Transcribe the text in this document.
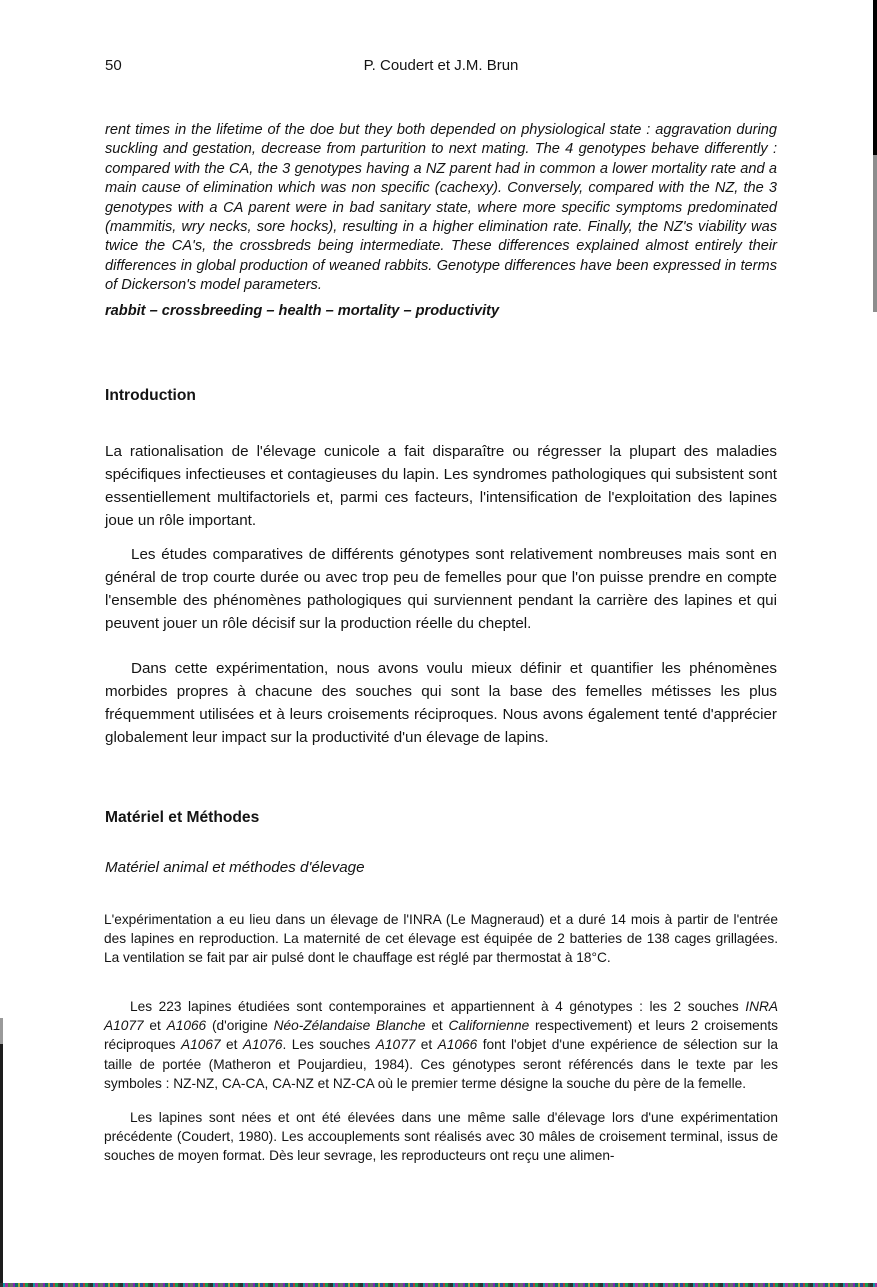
50	P. Coudert et J.M. Brun
rent times in the lifetime of the doe but they both depended on physiological state : aggravation during suckling and gestation, decrease from parturition to next mating. The 4 genotypes behave differently : compared with the CA, the 3 genotypes having a NZ parent had in common a lower mortality rate and a main cause of elimination which was non specific (cachexy). Conversely, compared with the NZ, the 3 genotypes with a CA parent were in bad sanitary state, where more specific symptoms predominated (mammitis, wry necks, sore hocks), resulting in a higher elimination rate. Finally, the NZ's viability was twice the CA's, the crossbreds being intermediate. These differences explained almost entirely their differences in global production of weaned rabbits. Genotype differences have been expressed in terms of Dickerson's model parameters.
rabbit – crossbreeding – health – mortality – productivity
Introduction
La rationalisation de l'élevage cunicole a fait disparaître ou régresser la plupart des maladies spécifiques infectieuses et contagieuses du lapin. Les syndromes pathologiques qui subsistent sont essentiellement multifactoriels et, parmi ces facteurs, l'intensification de l'exploitation des lapines joue un rôle important.
Les études comparatives de différents génotypes sont relativement nombreuses mais sont en général de trop courte durée ou avec trop peu de femelles pour que l'on puisse prendre en compte l'ensemble des phénomènes pathologiques qui surviennent pendant la carrière des lapines et qui peuvent jouer un rôle décisif sur la production réelle du cheptel.
Dans cette expérimentation, nous avons voulu mieux définir et quantifier les phénomènes morbides propres à chacune des souches qui sont la base des femelles métisses les plus fréquemment utilisées et à leurs croisements réciproques. Nous avons également tenté d'apprécier globalement leur impact sur la productivité d'un élevage de lapins.
Matériel et Méthodes
Matériel animal et méthodes d'élevage
L'expérimentation a eu lieu dans un élevage de l'INRA (Le Magneraud) et a duré 14 mois à partir de l'entrée des lapines en reproduction. La maternité de cet élevage est équipée de 2 batteries de 138 cages grillagées. La ventilation se fait par air pulsé dont le chauffage est réglé par thermostat à 18°C.
Les 223 lapines étudiées sont contemporaines et appartiennent à 4 génotypes : les 2 souches INRA A1077 et A1066 (d'origine Néo-Zélandaise Blanche et Californienne respectivement) et leurs 2 croisements réciproques A1067 et A1076. Les souches A1077 et A1066 font l'objet d'une expérience de sélection sur la taille de portée (Matheron et Poujardieu, 1984). Ces génotypes seront référencés dans le texte par les symboles : NZ-NZ, CA-CA, CA-NZ et NZ-CA où le premier terme désigne la souche du père de la femelle.
Les lapines sont nées et ont été élevées dans une même salle d'élevage lors d'une expérimentation précédente (Coudert, 1980). Les accouplements sont réalisés avec 30 mâles de croisement terminal, issus de souches de moyen format. Dès leur sevrage, les reproducteurs ont reçu une alimen-
